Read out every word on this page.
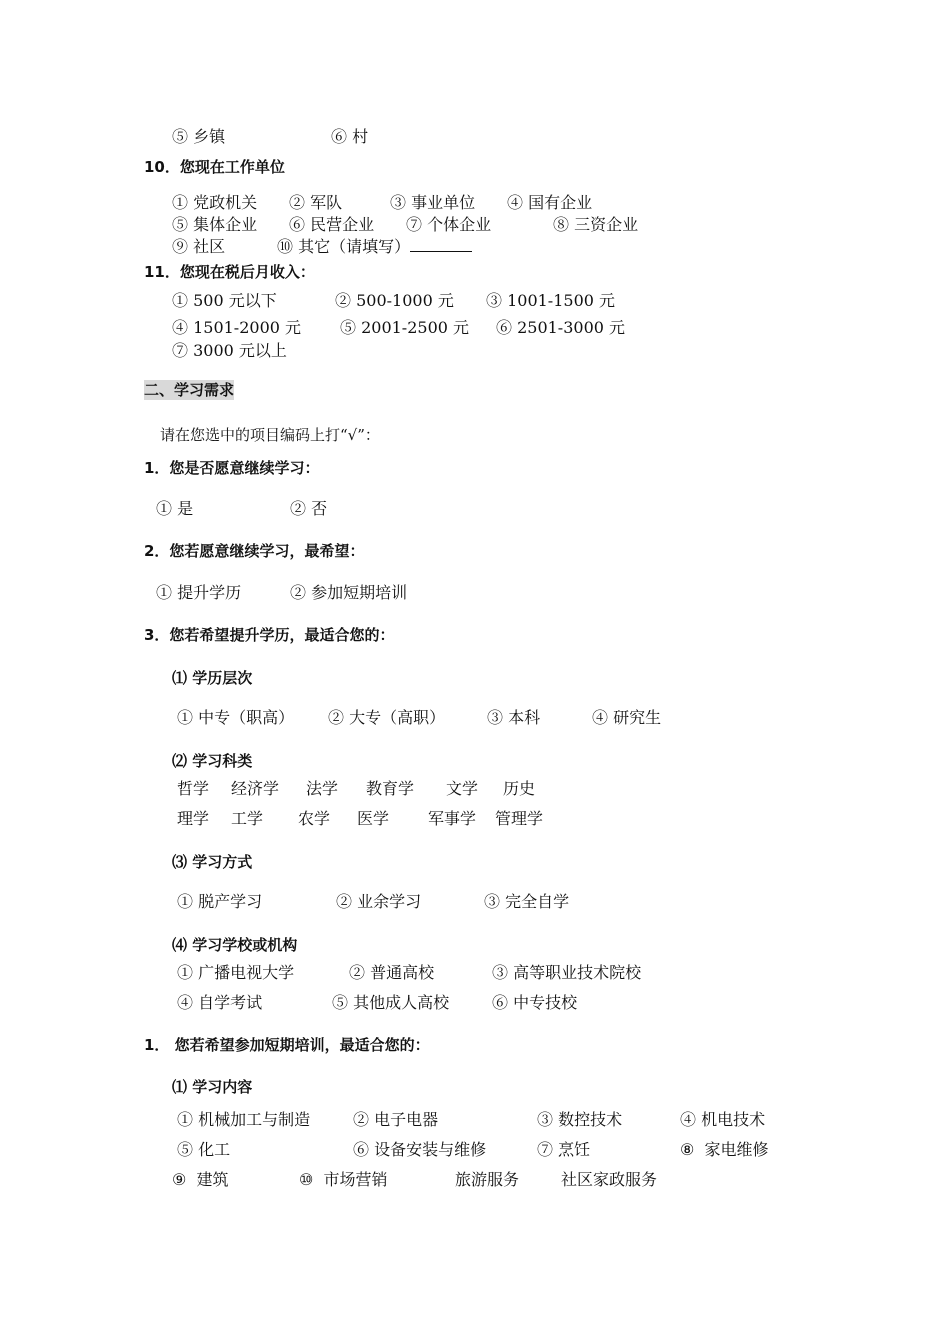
⑤ 乡镇	⑥ 村
10．您现在工作单位
① 党政机关 ② 军队	③ 事业单位 ④ 国有企业
⑤ 集体企业 ⑥ 民营企业 ⑦ 个体企业	⑧ 三资企业
⑨ 社区	⑩ 其它（请填写）
11．您现在税后月收入：
① 500 元以下	② 500-1000 元 ③ 1001-1500 元
④ 1501-2000 元 ⑤ 2001-2500 元 ⑥ 2501-3000 元
⑦ 3000 元以上
二、学习需求
请在您选中的项目编码上打“√”：
1．您是否愿意继续学习：
① 是	② 否
2．您若愿意继续学习，最希望：
① 提升学历	② 参加短期培训
3．您若希望提升学历，最适合您的：
⑴ 学历层次
① 中专（职高） ② 大专（高职）	③ 本科	④ 研究生
⑵ 学习科类
哲学 经济学 法学 教育学 文学 历史
理学 工学 农学 医学 军事学 管理学
⑶ 学习方式
① 脱产学习	② 业余学习	③ 完全自学
⑷ 学习学校或机构
① 广播电视大学	② 普通高校	③ 高等职业技术院校
④ 自学考试	⑤ 其他成人高校	⑥ 中专技校
1． 您若希望参加短期培训，最适合您的：
⑴ 学习内容
① 机械加工与制造	② 电子电器	③ 数控技术	④ 机电技术
⑤ 化工	⑥ 设备安装与维修	⑦ 烹饪	⑧ 家电维修
⑨ 建筑	⑩ 市场营销	旅游服务	社区家政服务
